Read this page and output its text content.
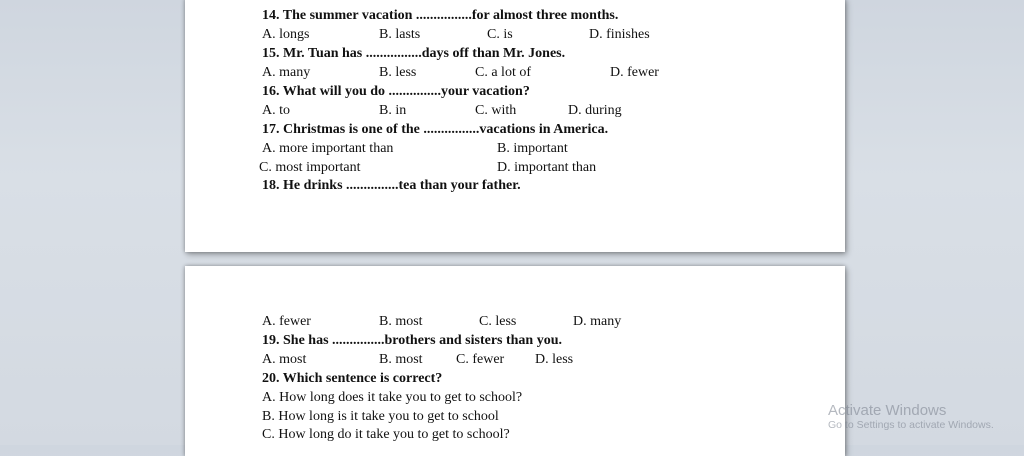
14. The summer vacation ................for almost three months.
A. longs	B. lasts	C. is	D. finishes
15. Mr. Tuan has ................days off than Mr. Jones.
A. many	B. less	C. a lot of	D. fewer
16. What will you do ...............your vacation?
A. to	B. in	C. with	D. during
17. Christmas is one of the ................vacations in America.
A. more important than	B. important
C. most important	D. important than
18. He drinks ...............tea than your father.
A. fewer	B. most	C. less	D. many
19. She has ...............brothers and sisters than you.
A. most	B. most C. fewer D. less
20. Which sentence is correct?
A. How long does it take you to get to school?
B. How long is it take you to get to school
C. How long do it take you to get to school?
Activate Windows
Go to Settings to activate Windows.
